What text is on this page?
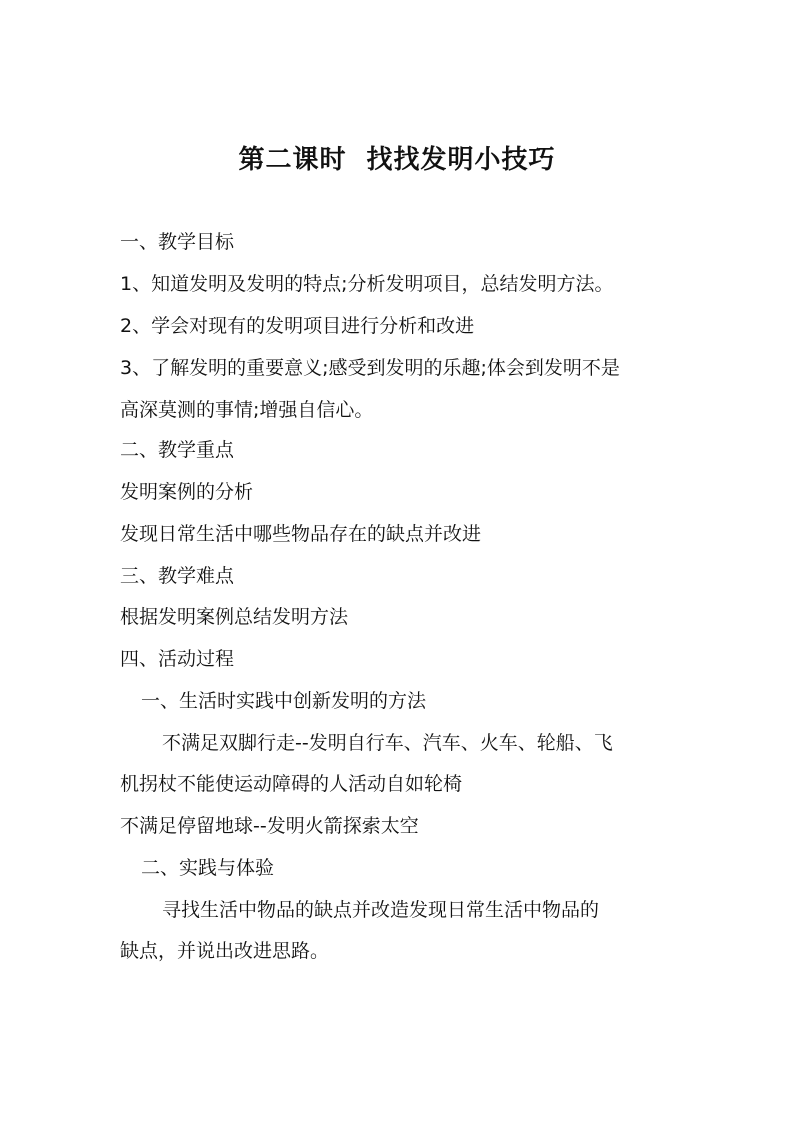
第二课时  找找发明小技巧
一、教学目标
1、知道发明及发明的特点;分析发明项目，总结发明方法。
2、学会对现有的发明项目进行分析和改进
3、了解发明的重要意义;感受到发明的乐趣;体会到发明不是
高深莫测的事情;增强自信心。
二、教学重点
发明案例的分析
发现日常生活中哪些物品存在的缺点并改进
三、教学难点
根据发明案例总结发明方法
四、活动过程
一、生活时实践中创新发明的方法
不满足双脚行走--发明自行车、汽车、火车、轮船、飞
机拐杖不能使运动障碍的人活动自如轮椅
不满足停留地球--发明火箭探索太空
二、实践与体验
寻找生活中物品的缺点并改造发现日常生活中物品的
缺点，并说出改进思路。
